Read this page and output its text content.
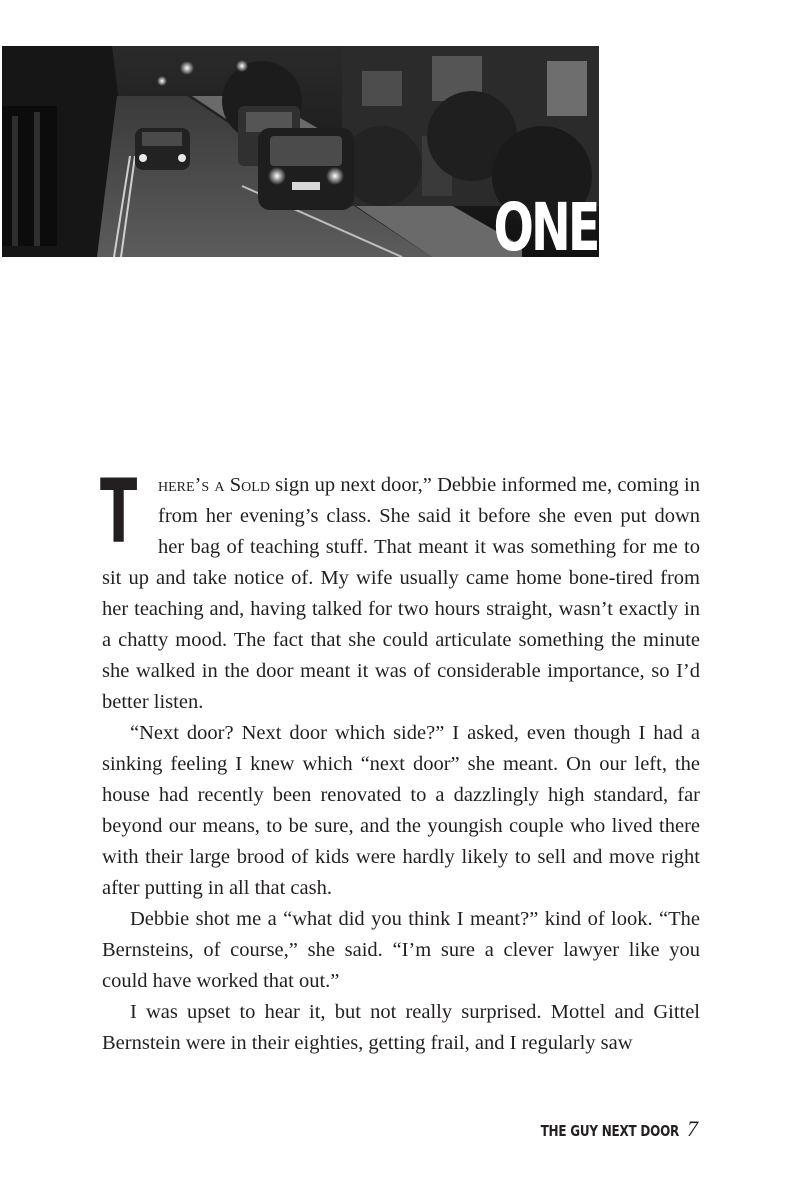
ONE

T here’s a Sold sign up next door,” Debbie informed me, coming in from her evening’s class. She said it before she even put down her bag of teaching stuff. That meant it was something for me to sit up and take notice of. My wife usually came home bone-tired from her teaching and, having talked for two hours straight, wasn’t exactly in a chatty mood. The fact that she could articulate something the minute she walked in the door meant it was of considerable importance, so I’d better listen.

“Next door? Next door which side?” I asked, even though I had a sinking feeling I knew which “next door” she meant. On our left, the house had recently been renovated to a dazzlingly high standard, far beyond our means, to be sure, and the youngish couple who lived there with their large brood of kids were hardly likely to sell and move right after putting in all that cash.

Debbie shot me a “what did you think I meant?” kind of look. “The Bernsteins, of course,” she said. “I’m sure a clever lawyer like you could have worked that out.”

I was upset to hear it, but not really surprised. Mottel and Gittel Bernstein were in their eighties, getting frail, and I regularly saw

THE GUY NEXT DOOR 7
